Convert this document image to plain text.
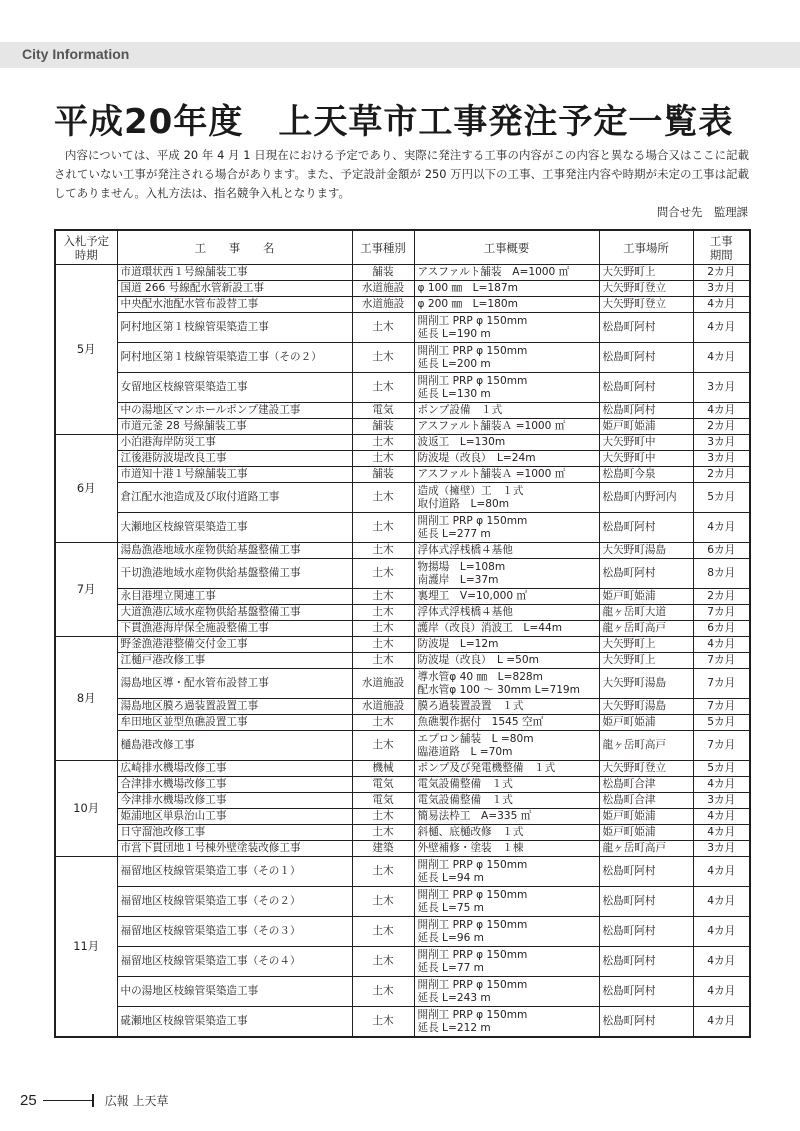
City Information
平成20年度　上天草市工事発注予定一覧表
内容については、平成 20 年 4 月 1 日現在における予定であり、実際に発注する工事の内容がこの内容と異なる場合又はここに記載されていない工事が発注される場合があります。また、予定設計金額が 250 万円以下の工事、工事発注内容や時期が未定の工事は記載してありません。入札方法は、指名競争入札となります。
問合せ先　監理課
入札予定
時期	工　　事　　名	工事種別	工事概要	工事場所	工事
期間
5月	市道環状西１号線舗装工事	舗装	アスファルト舗装　A=1000 ㎡	大矢野町上	2カ月
	国道 266 号線配水管新設工事	水道施設	φ 100 ㎜　L=187m	大矢野町登立	3カ月
	中央配水池配水管布設替工事	水道施設	φ 200 ㎜　L=180m	大矢野町登立	4カ月
	阿村地区第１枝線管渠築造工事	土木	開削工 PRP φ 150mm
延長 L=190 m	松島町阿村	4カ月
	阿村地区第１枝線管渠築造工事（その２）	土木	開削工 PRP φ 150mm
延長 L=200 m	松島町阿村	4カ月
	女留地区枝線管渠築造工事	土木	開削工 PRP φ 150mm
延長 L=130 m	松島町阿村	3カ月
	中の湯地区マンホールポンプ建設工事	電気	ポンプ設備　１式	松島町阿村	4カ月
	市道元釜 28 号線舗装工事	舗装	アスファルト舗装Ａ =1000 ㎡	姫戸町姫浦	2カ月
6月	小泊港海岸防災工事	土木	波返工　L=130m	大矢野町中	3カ月
	江後港防波堤改良工事	土木	防波堤（改良）　L=24m	大矢野町中	3カ月
	市道知十港１号線舗装工事	舗装	アスファルト舗装Ａ =1000 ㎡	松島町今泉	2カ月
	倉江配水池造成及び取付道路工事	土木	造成（擁壁）工　１式
取付道路　L=80m	松島町内野河内	5カ月
	大瀬地区枝線管渠築造工事	土木	開削工 PRP φ 150mm
延長 L=277 m	松島町阿村	4カ月
7月	湯島漁港地域水産物供給基盤整備工事	土木	浮体式浮桟橋４基他	大矢野町湯島	6カ月
	干切漁港地域水産物供給基盤整備工事	土木	物揚場　L=108m
南護岸　L=37m	松島町阿村	8カ月
	永目港埋立関連工事	土木	裏埋工　V=10,000 ㎥	姫戸町姫浦	2カ月
	大道漁港広域水産物供給基盤整備工事	土木	浮体式浮桟橋４基他	龍ヶ岳町大道	7カ月
	下貫漁港海岸保全施設整備工事	土木	護岸（改良）消波工　L=44m	龍ヶ岳町高戸	6カ月
8月	野釜漁港港整備交付金工事	土木	防波堤　L=12m	大矢野町上	4カ月
	江樋戸港改修工事	土木	防波堤（改良）　L =50m	大矢野町上	7カ月
	湯島地区導・配水管布設替工事	水道施設	導水管φ 40 ㎜　L=828m
配水管φ 100 ～ 30mm L=719m	大矢野町湯島	7カ月
	湯島地区膜ろ過装置設置工事	水道施設	膜ろ過装置設置　１式	大矢野町湯島	7カ月
	牟田地区並型魚礁設置工事	土木	魚礁製作据付　1545 空㎥	姫戸町姫浦	5カ月
	樋島港改修工事	土木	エプロン舗装　L =80m
臨港道路　L =70m	龍ヶ岳町高戸	7カ月
10月	広崎排水機場改修工事	機械	ポンプ及び発電機整備　１式	大矢野町登立	5カ月
	合津排水機場改修工事	電気	電気設備整備　１式	松島町合津	4カ月
	今津排水機場改修工事	電気	電気設備整備　１式	松島町合津	3カ月
	姫浦地区単県治山工事	土木	簡易法枠工　A=335 ㎡	姫戸町姫浦	4カ月
	日守溜池改修工事	土木	斜樋、底樋改修　１式	姫戸町姫浦	4カ月
	市営下貫団地１号棟外壁塗装改修工事	建築	外壁補修・塗装　１棟	龍ヶ岳町高戸	3カ月
11月	福留地区枝線管渠築造工事（その１）	土木	開削工 PRP φ 150mm
延長 L=94 m	松島町阿村	4カ月
	福留地区枝線管渠築造工事（その２）	土木	開削工 PRP φ 150mm
延長 L=75 m	松島町阿村	4カ月
	福留地区枝線管渠築造工事（その３）	土木	開削工 PRP φ 150mm
延長 L=96 m	松島町阿村	4カ月
	福留地区枝線管渠築造工事（その４）	土木	開削工 PRP φ 150mm
延長 L=77 m	松島町阿村	4カ月
	中の湯地区枝線管渠築造工事	土木	開削工 PRP φ 150mm
延長 L=243 m	松島町阿村	4カ月
	硴瀬地区枝線管渠築造工事	土木	開削工 PRP φ 150mm
延長 L=212 m	松島町阿村	4カ月
25	広報 上天草
